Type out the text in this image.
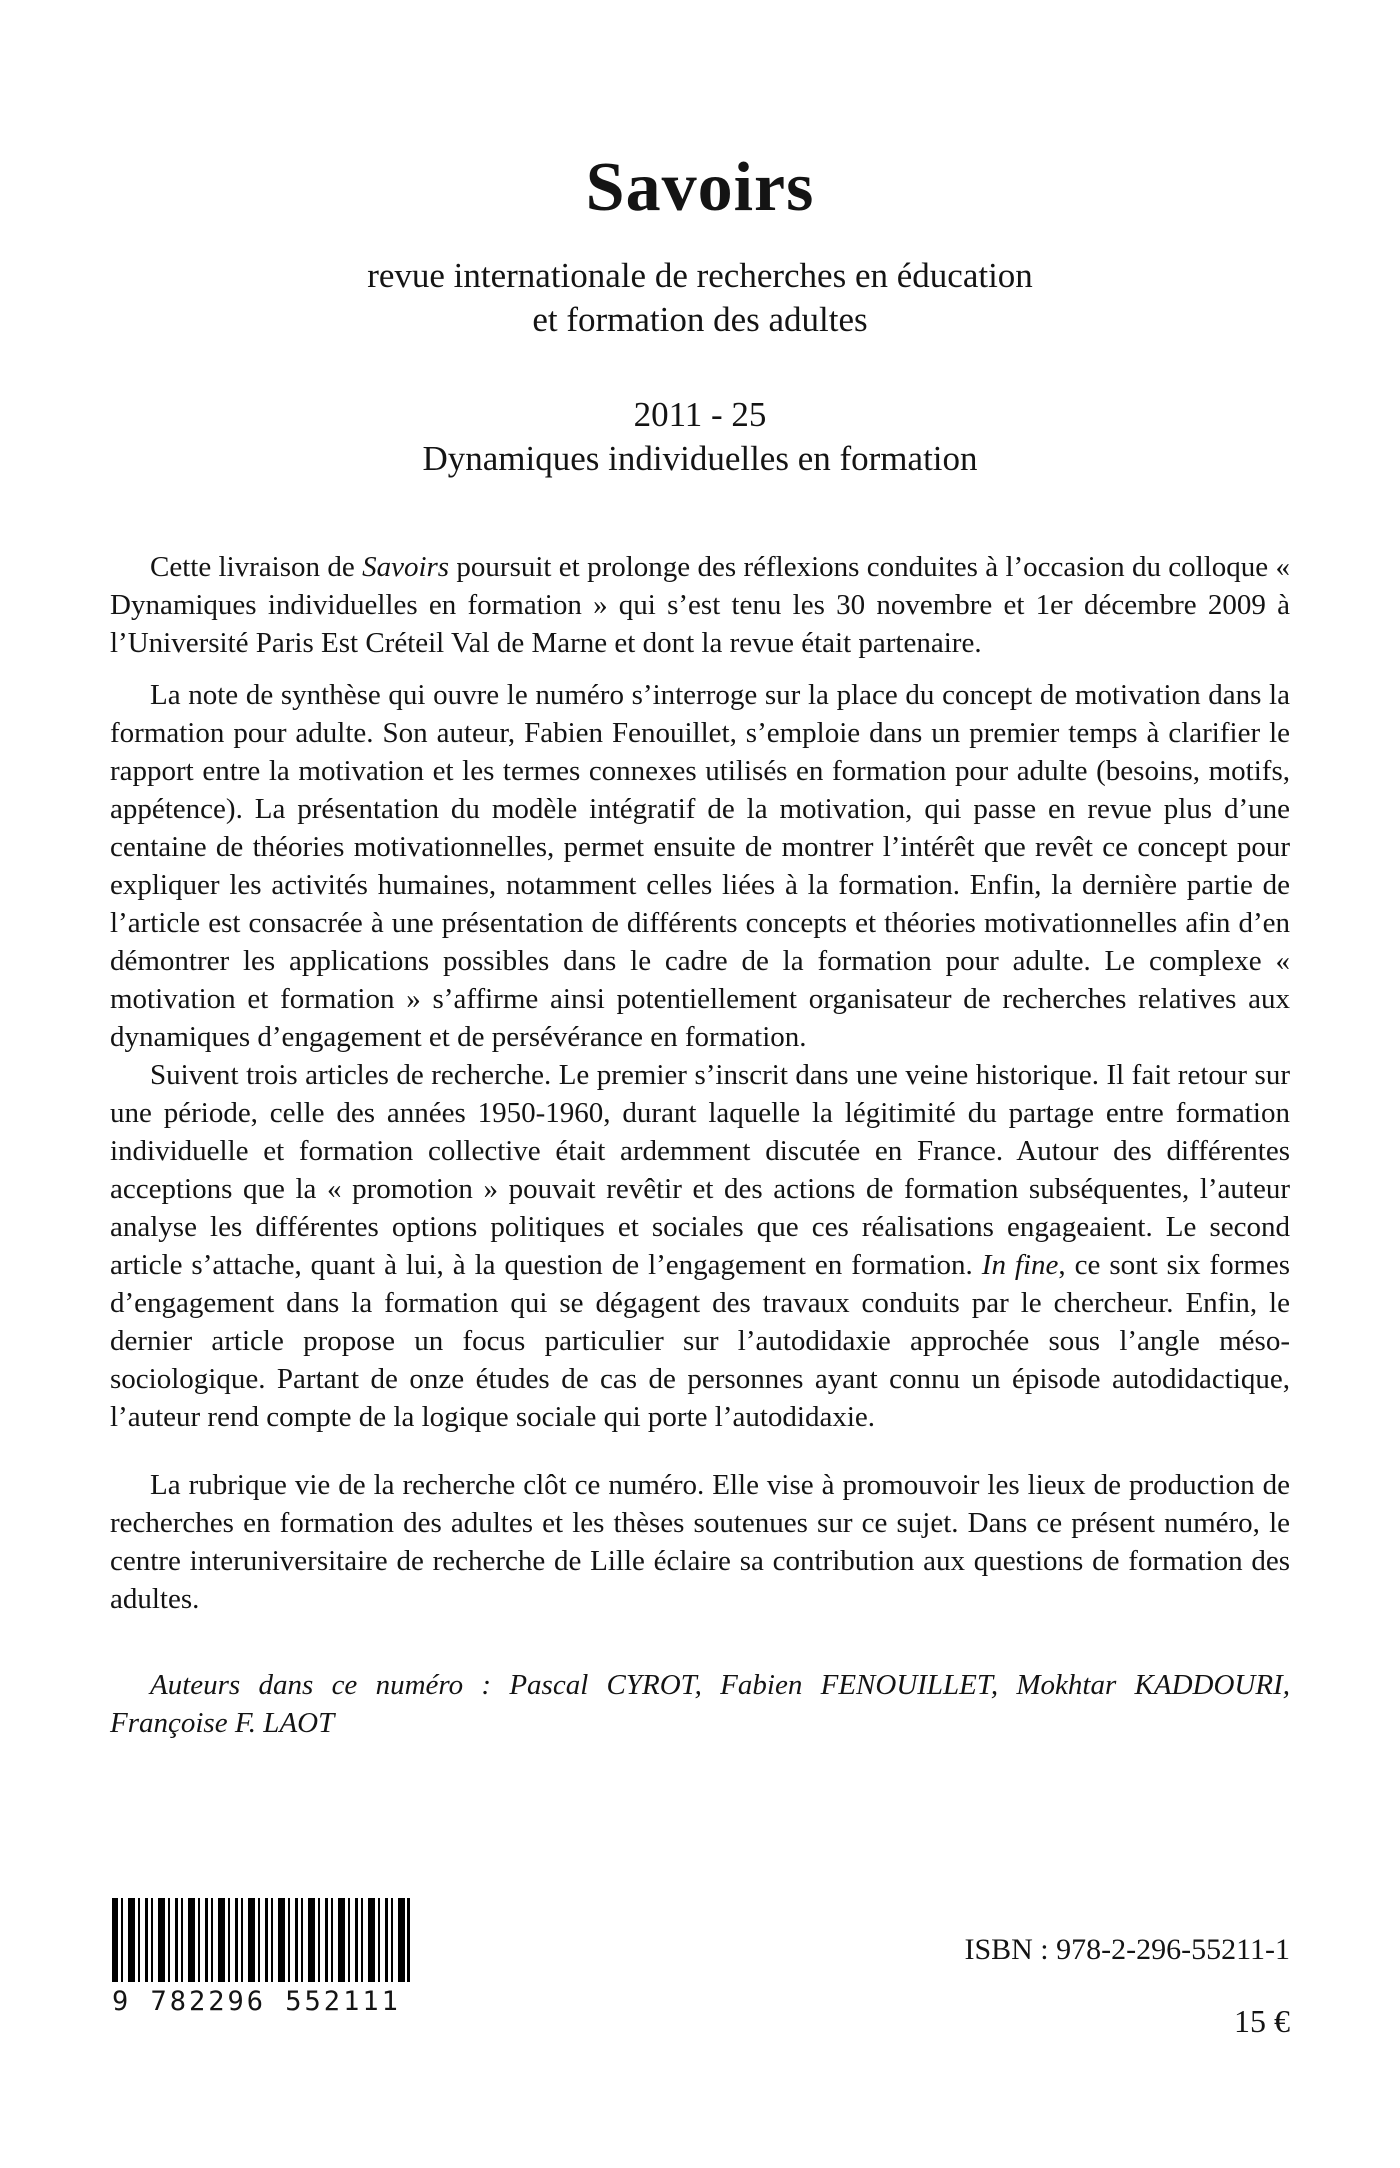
Savoirs
revue internationale de recherches en éducation
et formation des adultes
2011 - 25
Dynamiques individuelles en formation

Cette livraison de Savoirs poursuit et prolonge des réflexions conduites à l’occasion du colloque « Dynamiques individuelles en formation » qui s’est tenu les 30 novembre et 1er décembre 2009 à l’Université Paris Est Créteil Val de Marne et dont la revue était partenaire.

La note de synthèse qui ouvre le numéro s’interroge sur la place du concept de motivation dans la formation pour adulte. Son auteur, Fabien Fenouillet, s’emploie dans un premier temps à clarifier le rapport entre la motivation et les termes connexes utilisés en formation pour adulte (besoins, motifs, appétence). La présentation du modèle intégratif de la motivation, qui passe en revue plus d’une centaine de théories motivationnelles, permet ensuite de montrer l’intérêt que revêt ce concept pour expliquer les activités humaines, notamment celles liées à la formation. Enfin, la dernière partie de l’article est consacrée à une présentation de différents concepts et théories motivationnelles afin d’en démontrer les applications possibles dans le cadre de la formation pour adulte. Le complexe « motivation et formation » s’affirme ainsi potentiellement organisateur de recherches relatives aux dynamiques d’engagement et de persévérance en formation.

Suivent trois articles de recherche. Le premier s’inscrit dans une veine historique. Il fait retour sur une période, celle des années 1950-1960, durant laquelle la légitimité du partage entre formation individuelle et formation collective était ardemment discutée en France. Autour des différentes acceptions que la « promotion » pouvait revêtir et des actions de formation subséquentes, l’auteur analyse les différentes options politiques et sociales que ces réalisations engageaient. Le second article s’attache, quant à lui, à la question de l’engagement en formation. In fine, ce sont six formes d’engagement dans la formation qui se dégagent des travaux conduits par le chercheur. Enfin, le dernier article propose un focus particulier sur l’autodidaxie approchée sous l’angle méso-sociologique. Partant de onze études de cas de personnes ayant connu un épisode autodidactique, l’auteur rend compte de la logique sociale qui porte l’autodidaxie.

La rubrique vie de la recherche clôt ce numéro. Elle vise à promouvoir les lieux de production de recherches en formation des adultes et les thèses soutenues sur ce sujet. Dans ce présent numéro, le centre interuniversitaire de recherche de Lille éclaire sa contribution aux questions de formation des adultes.

Auteurs dans ce numéro : Pascal CYROT, Fabien FENOUILLET, Mokhtar KADDOURI, Françoise F. LAOT

9 782296 552111
ISBN : 978-2-296-55211-1
15 €
